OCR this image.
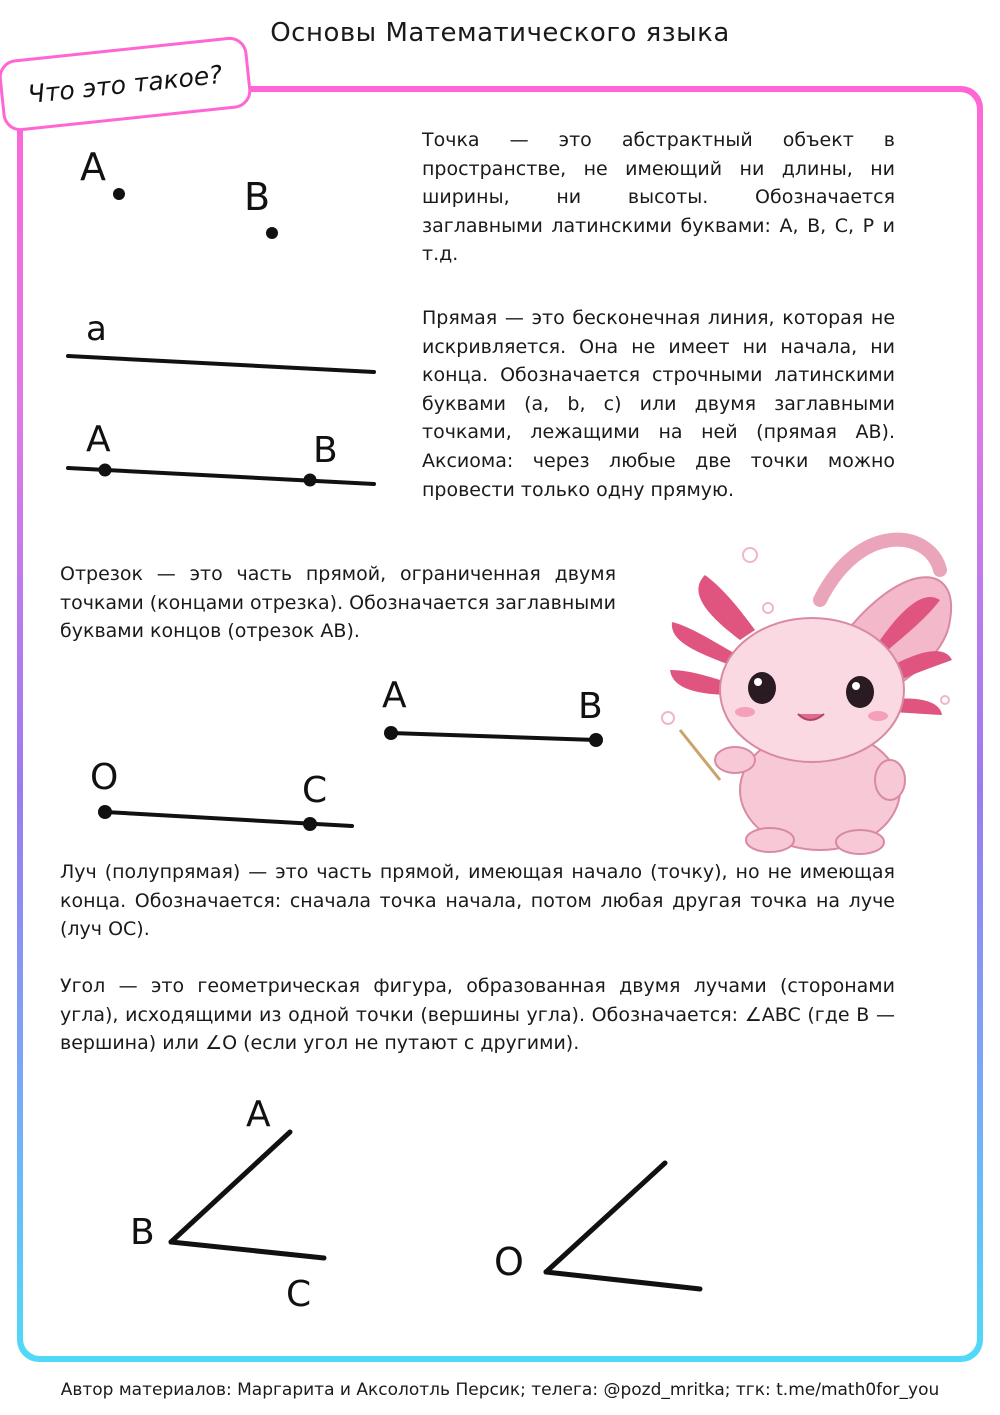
Основы Математического языка
Что это такое?
Точка — это абстрактный объект в пространстве, не имеющий ни длины, ни ширины, ни высоты. Обозначается заглавными латинскими буквами: A, B, C, P и т.д.
Прямая — это бесконечная линия, которая не искривляется. Она не имеет ни начала, ни конца. Обозначается строчными латинскими буквами (a, b, c) или двумя заглавными точками, лежащими на ней (прямая AB). Аксиома: через любые две точки можно провести только одну прямую.
Отрезок — это часть прямой, ограниченная двумя точками (концами отрезка). Обозначается заглавными буквами концов (отрезок AB).
Луч (полупрямая) — это часть прямой, имеющая начало (точку), но не имеющая конца. Обозначается: сначала точка начала, потом любая другая точка на луче (луч OC).
Угол — это геометрическая фигура, образованная двумя лучами (сторонами угла), исходящими из одной точки (вершины угла). Обозначается: ∠ABC (где B — вершина) или ∠O (если угол не путают с другими).
A
B
a
A	B
A	B
O	C
A
B
C
O
Автор материалов: Маргарита и Аксолотль Персик; телега: @pozd_mritka; тгк: t.me/math0for_you
